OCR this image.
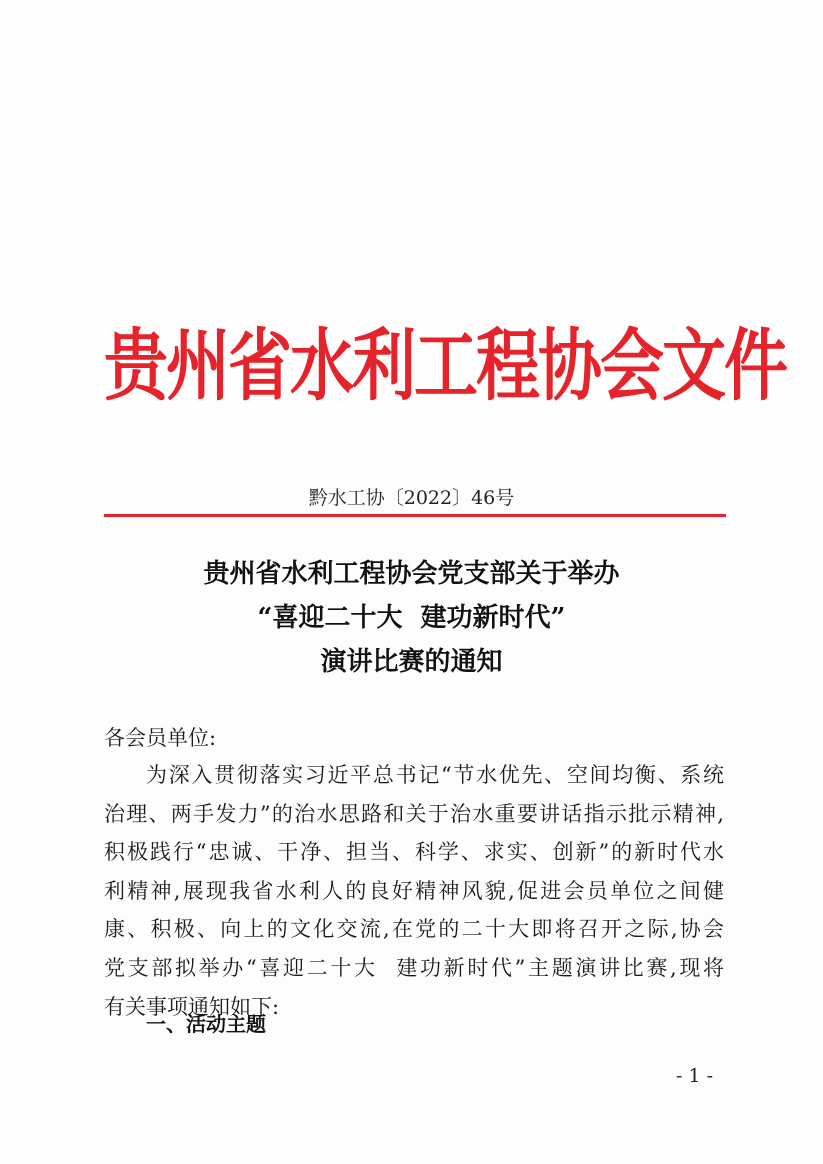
贵州省水利工程协会文件
黔水工协〔2022〕46号
贵州省水利工程协会党支部关于举办
“喜迎二十大  建功新时代”
演讲比赛的通知
各会员单位:
为深入贯彻落实习近平总书记“节水优先、空间均衡、系统
治理、两手发力”的治水思路和关于治水重要讲话指示批示精神,
积极践行“忠诚、干净、担当、科学、求实、创新”的新时代水
利精神,展现我省水利人的良好精神风貌,促进会员单位之间健
康、积极、向上的文化交流,在党的二十大即将召开之际,协会
党支部拟举办“喜迎二十大  建功新时代”主题演讲比赛,现将
有关事项通知如下:
一、活动主题
- 1 -
